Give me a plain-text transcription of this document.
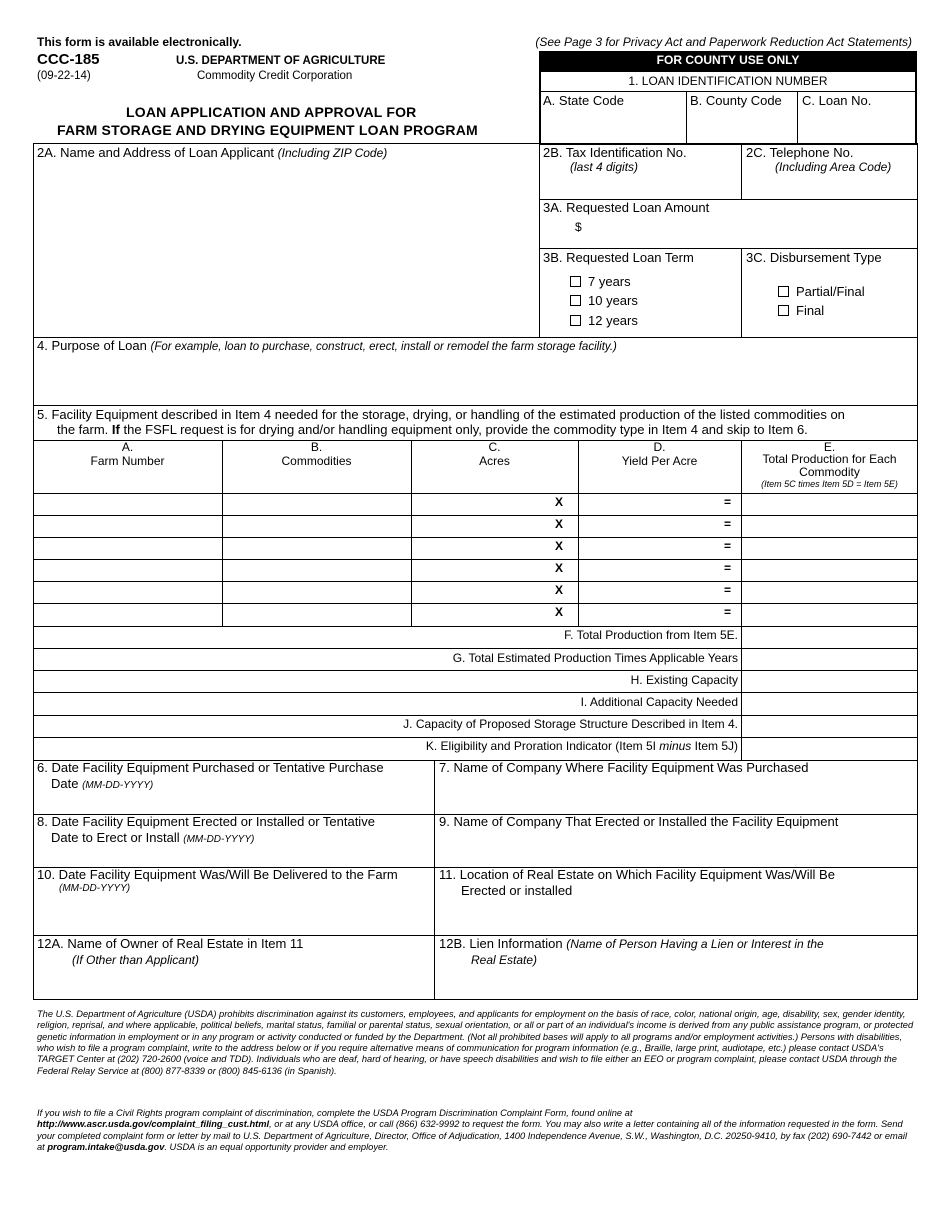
This form is available electronically.	(See Page 3 for Privacy Act and Paperwork Reduction Act Statements)
CCC-185
(09-22-14)
U.S. DEPARTMENT OF AGRICULTURE
Commodity Credit Corporation
LOAN APPLICATION AND APPROVAL FOR
FARM STORAGE AND DRYING EQUIPMENT LOAN PROGRAM
FOR COUNTY USE ONLY
1. LOAN IDENTIFICATION NUMBER
A. State Code	B. County Code C. Loan No.
2A. Name and Address of Loan Applicant (Including ZIP Code)	2B. Tax Identification No.
(last 4 digits)
2C. Telephone No.
(Including Area Code)
3A. Requested Loan Amount
$
3B. Requested Loan Term
7 years
10 years
12 years
3C. Disbursement Type
Partial/Final
Final
4. Purpose of Loan (For example, loan to purchase, construct, erect, install or remodel the farm storage facility.)
5. Facility Equipment described in Item 4 needed for the storage, drying, or handling of the estimated production of the listed commodities on
the farm. If the FSFL request is for drying and/or handling equipment only, provide the commodity type in Item 4 and skip to Item 6.
A.
Farm Number
B.
Commodities
C.
Acres
D.
Yield Per Acre
E.
Total Production for Each Commodity
(Item 5C times Item 5D = Item 5E)
X	=
X	=
X	=
X	=
X	=
X	=
F. Total Production from Item 5E.
G. Total Estimated Production Times Applicable Years
H. Existing Capacity
I. Additional Capacity Needed
J. Capacity of Proposed Storage Structure Described in Item 4.
K. Eligibility and Proration Indicator (Item 5I minus Item 5J)
6. Date Facility Equipment Purchased or Tentative Purchase
Date (MM-DD-YYYY)
7. Name of Company Where Facility Equipment Was Purchased
8. Date Facility Equipment Erected or Installed or Tentative
Date to Erect or Install (MM-DD-YYYY)
9. Name of Company That Erected or Installed the Facility Equipment
10. Date Facility Equipment Was/Will Be Delivered to the Farm
(MM-DD-YYYY)
11. Location of Real Estate on Which Facility Equipment Was/Will Be
Erected or installed
12A. Name of Owner of Real Estate in Item 11
(If Other than Applicant)
12B. Lien Information (Name of Person Having a Lien or Interest in the
Real Estate)
The U.S. Department of Agriculture (USDA) prohibits discrimination against its customers, employees, and applicants for employment on the basis of race, color, national origin, age, disability, sex, gender identity, religion, reprisal, and where applicable, political beliefs, marital status, familial or parental status, sexual orientation, or all or part of an individual's income is derived from any public assistance program, or protected genetic information in employment or in any program or activity conducted or funded by the Department. (Not all prohibited bases will apply to all programs and/or employment activities.) Persons with disabilities, who wish to file a program complaint, write to the address below or if you require alternative means of communication for program information (e.g., Braille, large print, audiotape, etc.) please contact USDA's TARGET Center at (202) 720-2600 (voice and TDD). Individuals who are deaf, hard of hearing, or have speech disabilities and wish to file either an EEO or program complaint, please contact USDA through the Federal Relay Service at (800) 877-8339 or (800) 845-6136 (in Spanish).
If you wish to file a Civil Rights program complaint of discrimination, complete the USDA Program Discrimination Complaint Form, found online at
http://www.ascr.usda.gov/complaint_filing_cust.html, or at any USDA office, or call (866) 632-9992 to request the form. You may also write a letter containing all of the information requested in the form. Send your completed complaint form or letter by mail to U.S. Department of Agriculture, Director, Office of Adjudication, 1400 Independence Avenue, S.W., Washington, D.C. 20250-9410, by fax (202) 690-7442 or email at program.intake@usda.gov. USDA is an equal opportunity provider and employer.
